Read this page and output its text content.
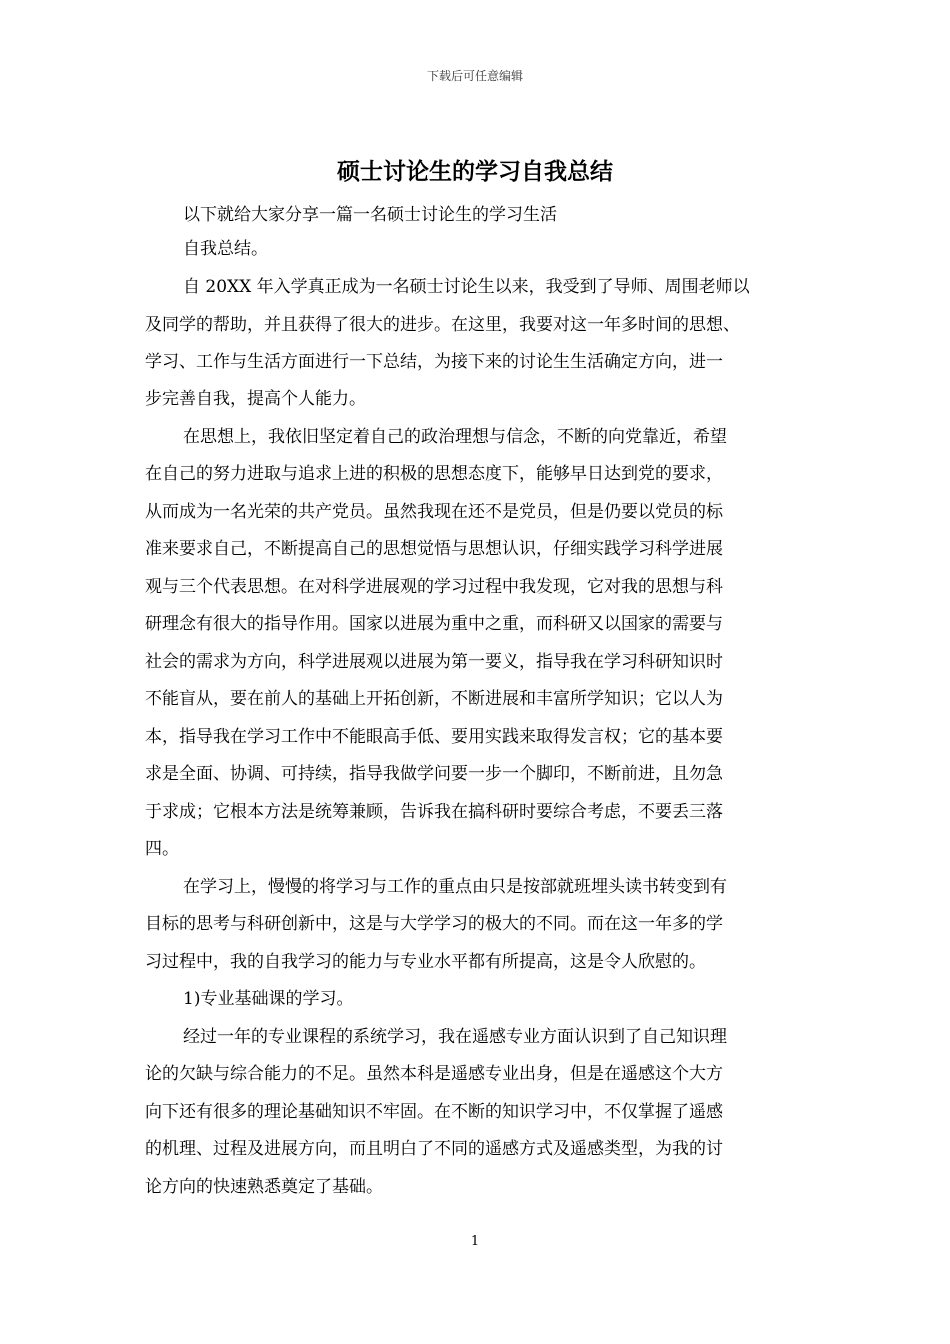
下载后可任意编辑
硕士讨论生的学习自我总结
以下就给大家分享一篇一名硕士讨论生的学习生活
自我总结。
自 20XX 年入学真正成为一名硕士讨论生以来，我受到了导师、周围老师以
及同学的帮助，并且获得了很大的进步。在这里，我要对这一年多时间的思想、
学习、工作与生活方面进行一下总结，为接下来的讨论生生活确定方向，进一
步完善自我，提高个人能力。
在思想上，我依旧坚定着自己的政治理想与信念，不断的向党靠近，希望
在自己的努力进取与追求上进的积极的思想态度下，能够早日达到党的要求，
从而成为一名光荣的共产党员。虽然我现在还不是党员，但是仍要以党员的标
准来要求自己，不断提高自己的思想觉悟与思想认识，仔细实践学习科学进展
观与三个代表思想。在对科学进展观的学习过程中我发现，它对我的思想与科
研理念有很大的指导作用。国家以进展为重中之重，而科研又以国家的需要与
社会的需求为方向，科学进展观以进展为第一要义，指导我在学习科研知识时
不能盲从，要在前人的基础上开拓创新，不断进展和丰富所学知识；它以人为
本，指导我在学习工作中不能眼高手低、要用实践来取得发言权；它的基本要
求是全面、协调、可持续，指导我做学问要一步一个脚印，不断前进，且勿急
于求成；它根本方法是统筹兼顾，告诉我在搞科研时要综合考虑，不要丢三落
四。
在学习上，慢慢的将学习与工作的重点由只是按部就班埋头读书转变到有
目标的思考与科研创新中，这是与大学学习的极大的不同。而在这一年多的学
习过程中，我的自我学习的能力与专业水平都有所提高，这是令人欣慰的。
1)专业基础课的学习。
经过一年的专业课程的系统学习，我在遥感专业方面认识到了自己知识理
论的欠缺与综合能力的不足。虽然本科是遥感专业出身，但是在遥感这个大方
向下还有很多的理论基础知识不牢固。在不断的知识学习中，不仅掌握了遥感
的机理、过程及进展方向，而且明白了不同的遥感方式及遥感类型，为我的讨
论方向的快速熟悉奠定了基础。
1
